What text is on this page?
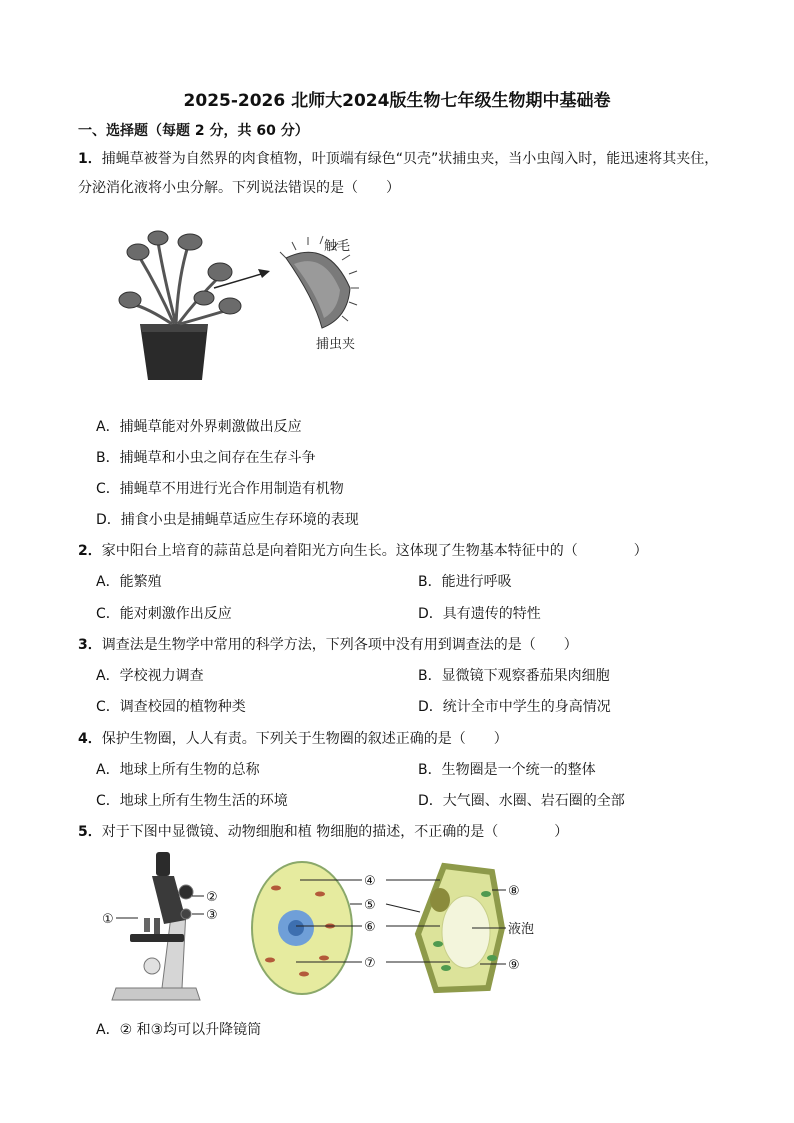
2025-2026 北师大2024版生物七年级生物期中基础卷
一、选择题（每题 2 分，共 60 分）
1．捕蝇草被誉为自然界的肉食植物，叶顶端有绿色“贝壳”状捕虫夹，当小虫闯入时，能迅速将其夹住，
分泌消化液将小虫分解。下列说法错误的是（　　）
触毛
捕虫夹
A．捕蝇草能对外界刺激做出反应
B．捕蝇草和小虫之间存在生存斗争
C．捕蝇草不用进行光合作用制造有机物
D．捕食小虫是捕蝇草适应生存环境的表现
2．家中阳台上培育的蒜苗总是向着阳光方向生长。这体现了生物基本特征中的（　　　　）
A．能繁殖	B．能进行呼吸
C．能对刺激作出反应	D．具有遗传的特性
3．调查法是生物学中常用的科学方法，下列各项中没有用到调查法的是（　　）
A．学校视力调查	B．显微镜下观察番茄果肉细胞
C．调查校园的植物种类	D．统计全市中学生的身高情况
4．保护生物圈，人人有责。下列关于生物圈的叙述正确的是（　　）
A．地球上所有生物的总称	B．生物圈是一个统一的整体
C．地球上所有生物生活的环境	D．大气圈、水圈、岩石圈的全部
5．对于下图中显微镜、动物细胞和植 物细胞的描述，不正确的是（　　　　）
①
②
③
④
⑤
⑥
⑦
⑧
液泡
⑨
A．② 和③均可以升降镜筒
